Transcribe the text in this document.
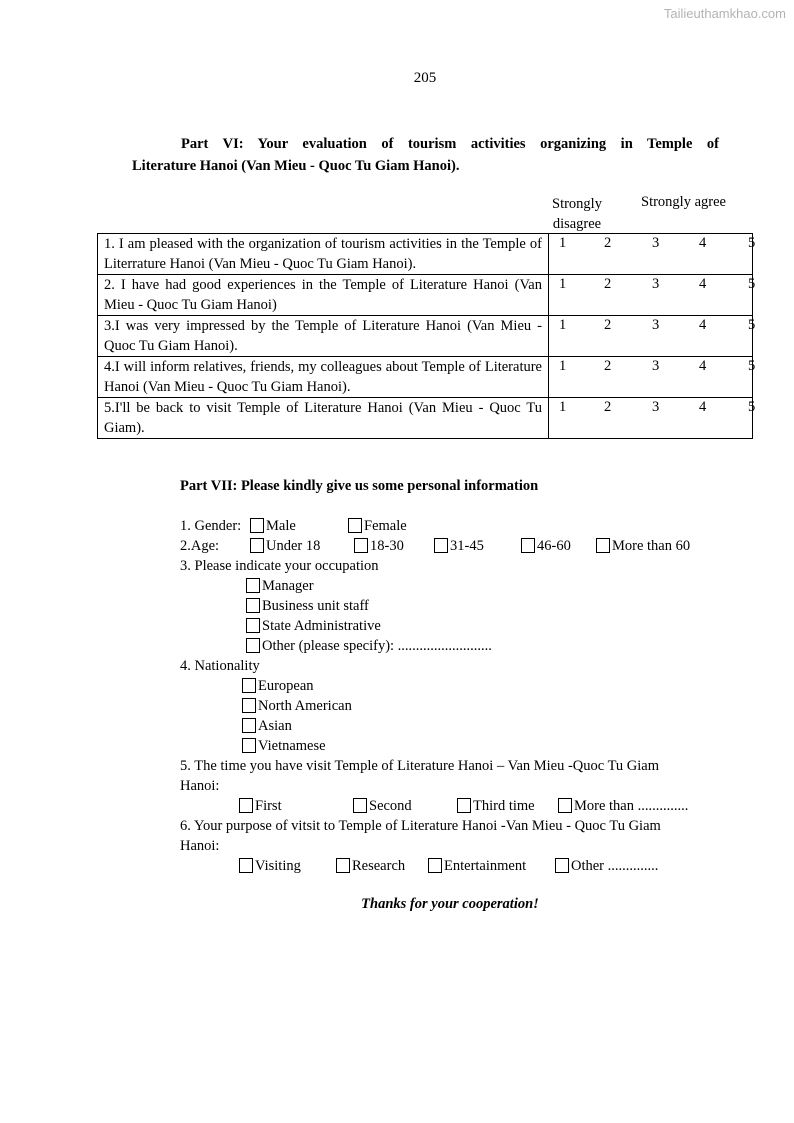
Tailieuthamkhao.com
205
Part VI: Your evaluation of tourism activities organizing in Temple of
Literature Hanoi (Van Mieu - Quoc Tu Giam Hanoi).
Strongly
disagree
Strongly agree
1. I am pleased with the organization of tourism activities in the Temple of Literrature Hanoi (Van Mieu - Quoc Tu Giam Hanoi).	1 2 3 4 5

2. I have had good experiences in the Temple of Literature Hanoi (Van Mieu - Quoc Tu Giam Hanoi)	1 2 3 4 5

3.I was very impressed by the Temple of Literature Hanoi (Van Mieu - Quoc Tu Giam Hanoi).	1 2 3 4 5

4.I will inform relatives, friends, my colleagues about Temple of Literature Hanoi (Van Mieu - Quoc Tu Giam Hanoi).	1 2 3 4 5

5.I'll be back to visit Temple of Literature Hanoi (Van Mieu - Quoc Tu Giam).	1 2 3 4 5
Part VII: Please kindly give us some personal information
1. Gender:	Male	Female
2.Age:	Under 18	18-30	31-45	46-60	More than 60
3. Please indicate your occupation
Manager
Business unit staff
State Administrative
Other (please specify): ..........................
4. Nationality
European
North American
Asian
Vietnamese
5. The time you have visit Temple of Literature Hanoi – Van Mieu -Quoc Tu Giam
Hanoi:
First	Second	Third time	More than ..............
6. Your purpose of vitsit to Temple of Literature Hanoi -Van Mieu - Quoc Tu Giam
Hanoi:
Visiting	Research	Entertainment	Other ..............
Thanks for your cooperation!
